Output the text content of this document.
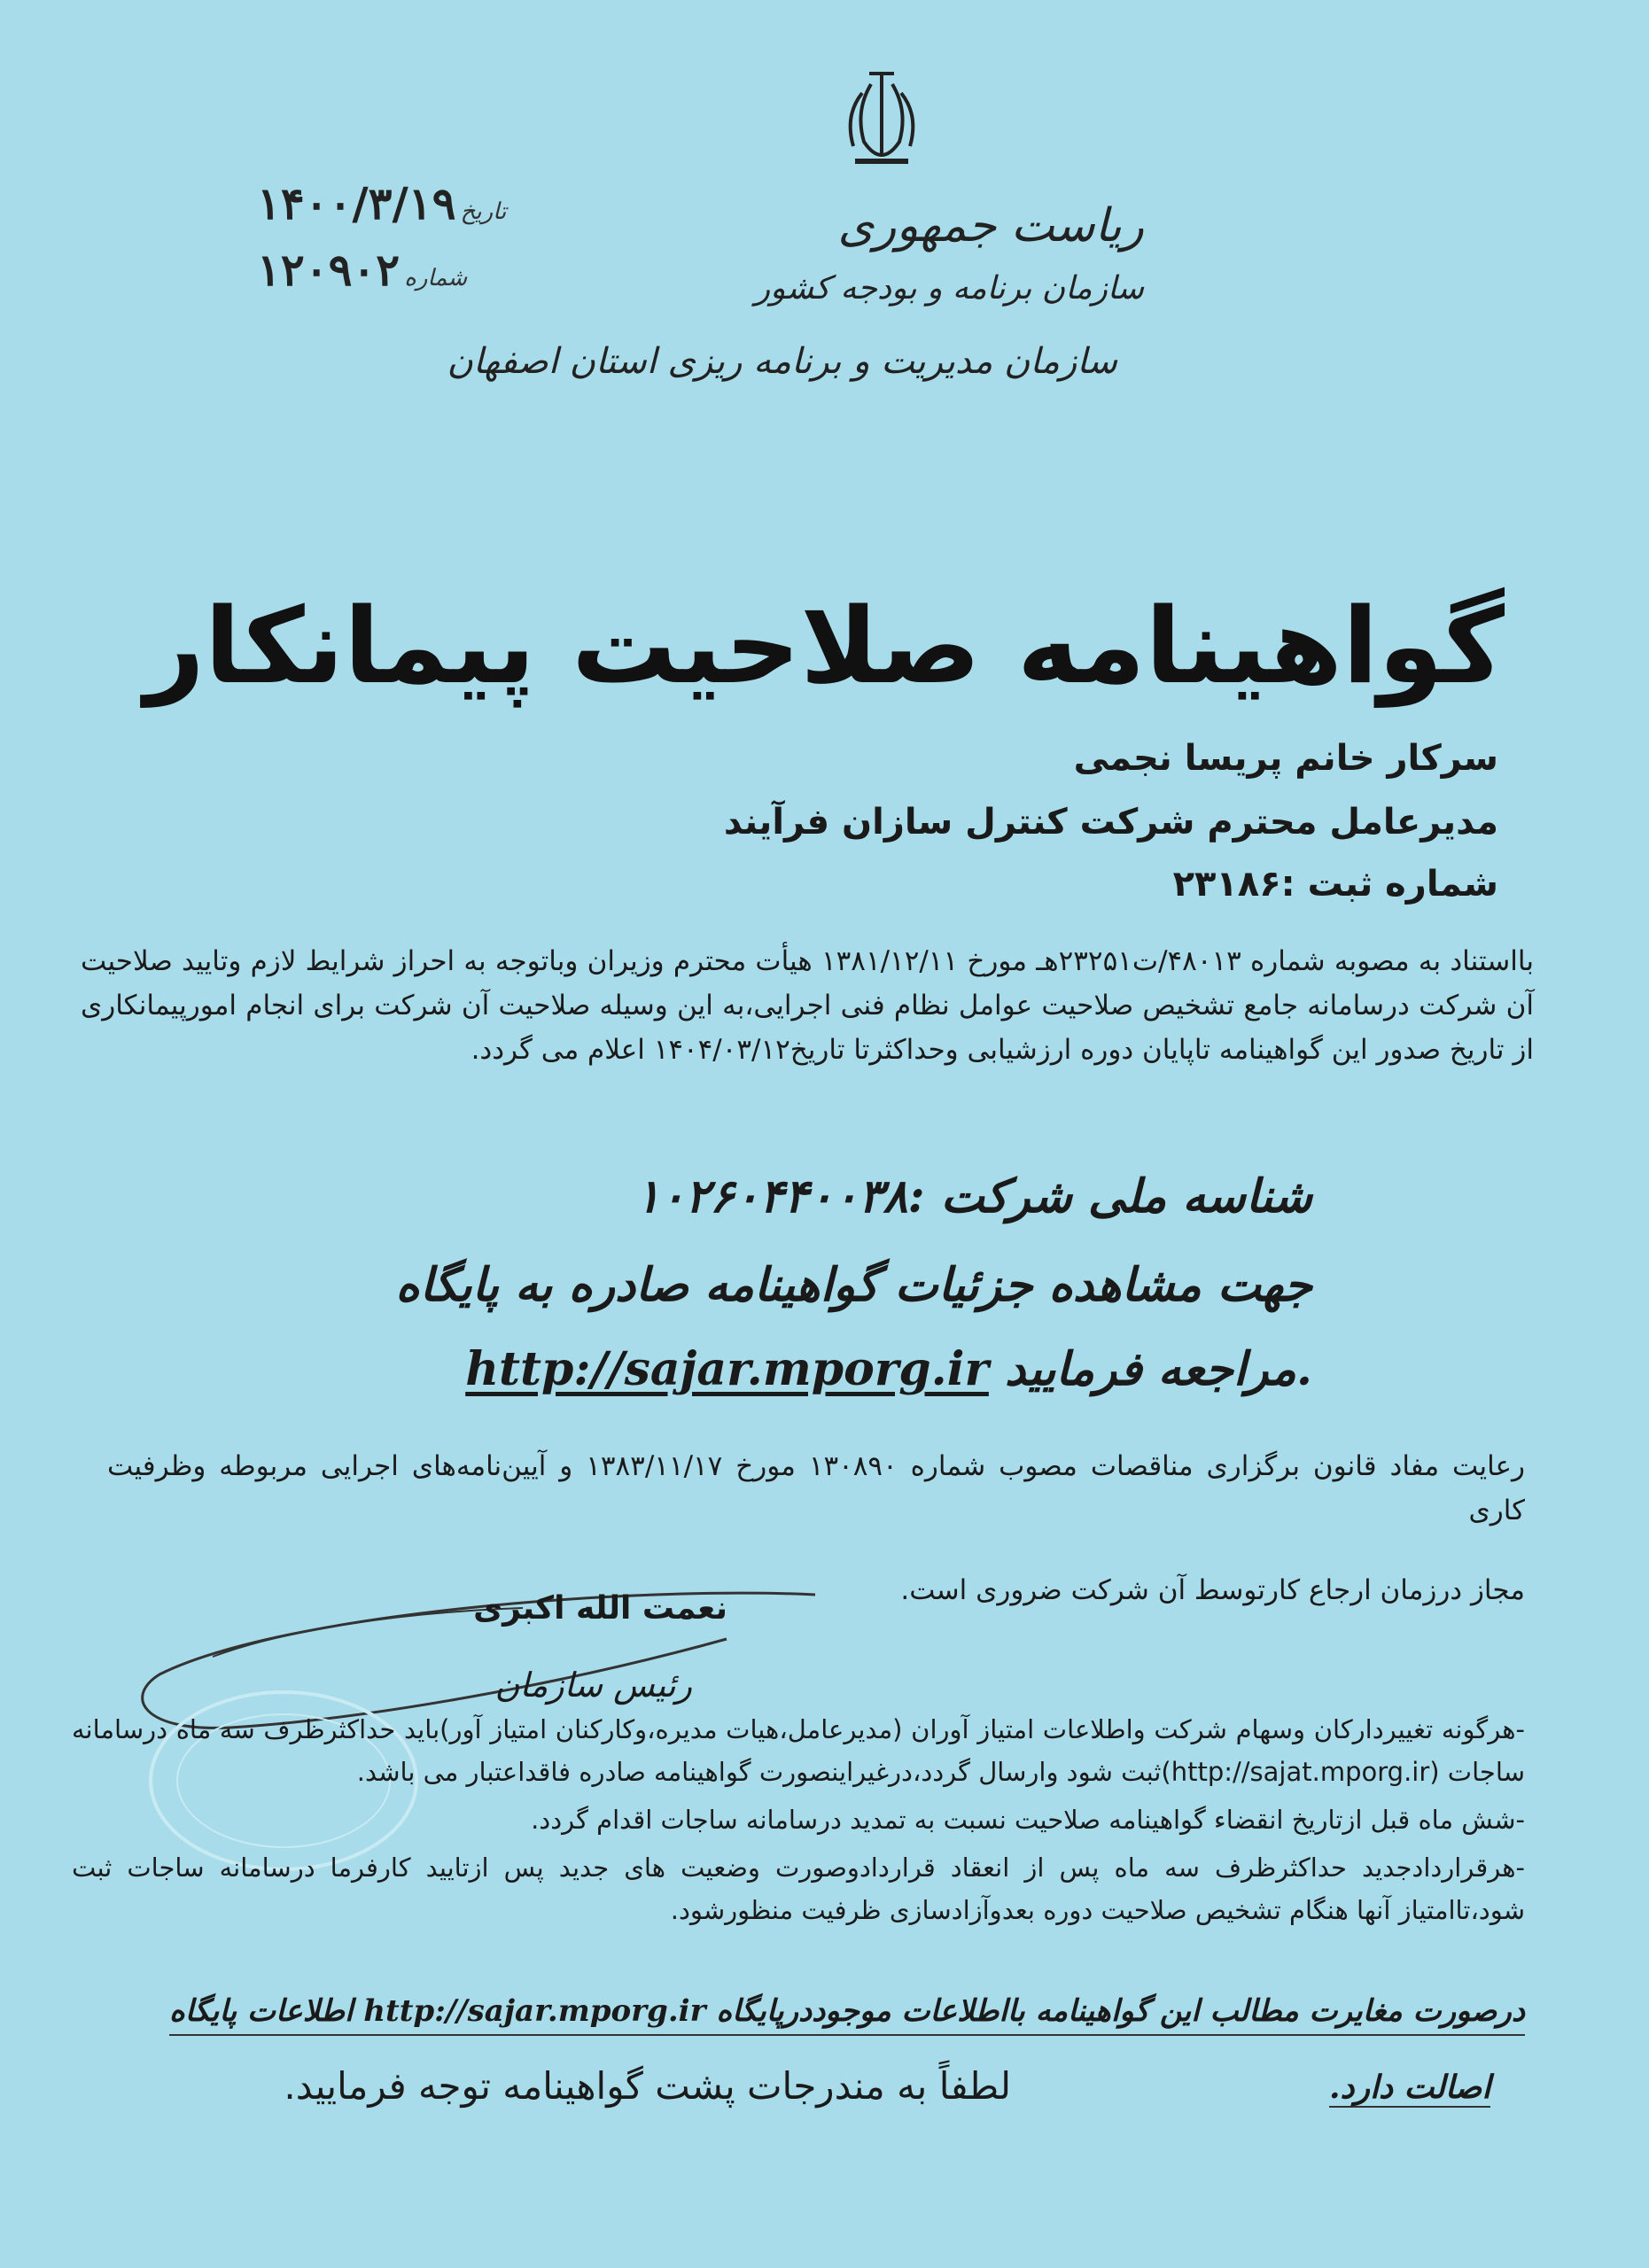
ریاست جمهوری
سازمان برنامه و بودجه کشور
سازمان مدیریت و برنامه ریزی استان اصفهان
تاریخ ۱۴۰۰/۳/۱۹
شماره ۱۲۰۹۰۲
گواهینامه صلاحیت پیمانکار
سرکار خانم پریسا نجمی
مدیرعامل محترم شرکت کنترل سازان فرآیند
شماره ثبت :۲۳۱۸۶

بااستناد به مصوبه شماره ۴۸۰۱۳/ت۲۳۲۵۱هـ مورخ ۱۳۸۱/۱۲/۱۱ هیأت محترم وزیران وباتوجه به احراز شرایط لازم وتایید صلاحیت آن شرکت درسامانه جامع تشخیص صلاحیت عوامل نظام فنی اجرایی،به این وسیله صلاحیت آن شرکت برای انجام امورپیمانکاری از تاریخ صدور این گواهینامه تاپایان دوره ارزشیابی وحداکثرتا تاریخ۱۴۰۴/۰۳/۱۲ اعلام می گردد.

شناسه ملی شرکت :۱۰۲۶۰۴۴۰۰۳۸
جهت مشاهده جزئیات گواهینامه صادره به پایگاه
http://sajar.mporg.ir مراجعه فرمایید.

رعایت مفاد قانون برگزاری مناقصات مصوب شماره ۱۳۰۸۹۰ مورخ ۱۳۸۳/۱۱/۱۷ و آیین‌نامه‌های اجرایی مربوطه وظرفیت کاری

مجاز درزمان ارجاع کارتوسط آن شرکت ضروری است.

نعمت الله اکبری
رئیس سازمان

-هرگونه تغییردارکان وسهام شرکت واطلاعات امتیاز آوران (مدیرعامل،هیات مدیره،وکارکنان امتیاز آور)باید حداکثرظرف سه ماه درسامانه ساجات (http://sajat.mporg.ir)ثبت شود وارسال گردد،درغیراینصورت گواهینامه صادره فاقداعتبار می باشد.

-شش ماه قبل ازتاریخ انقضاء گواهینامه صلاحیت نسبت به تمدید درسامانه ساجات اقدام گردد.

-هرقراردادجدید حداکثرظرف سه ماه پس از انعقاد قراردادوصورت وضعیت های جدید پس ازتایید کارفرما درسامانه ساجات ثبت شود،تاامتیاز آنها هنگام تشخیص صلاحیت دوره بعدوآزادسازی ظرفیت منظورشود.

درصورت مغایرت مطالب این گواهینامه بااطلاعات موجوددرپایگاه http://sajar.mporg.ir اطلاعات پایگاه
لطفاً به مندرجات پشت گواهینامه توجه فرمایید.	اصالت دارد.
